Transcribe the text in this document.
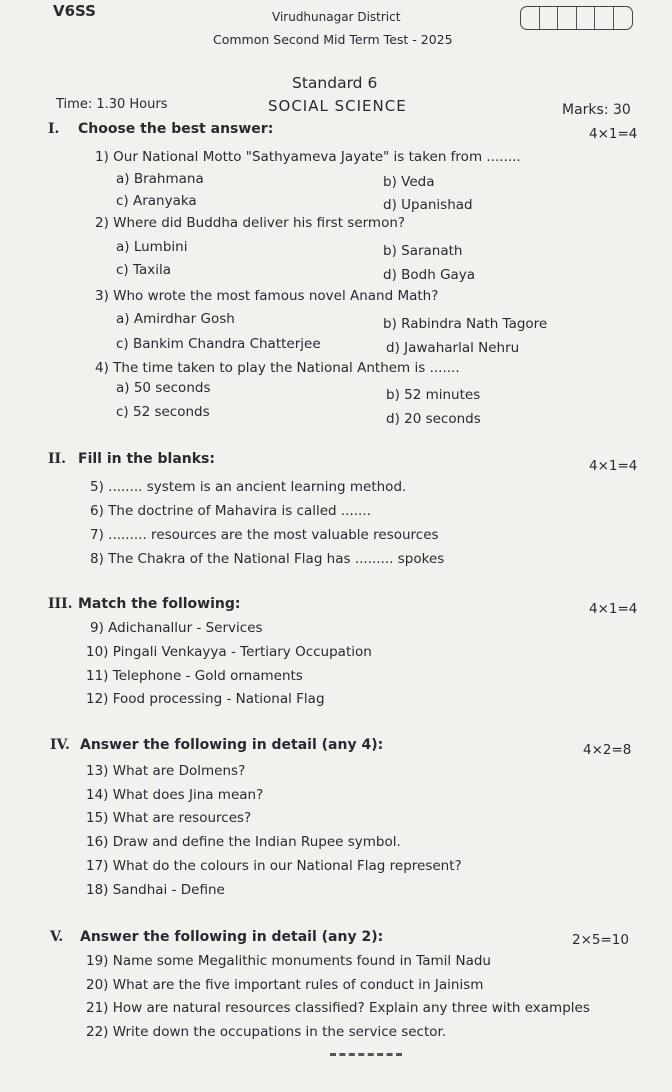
V6SS	Virudhunagar District
Common Second Mid Term Test - 2025
Standard 6
Time: 1.30 Hours	SOCIAL SCIENCE	Marks: 30
I. Choose the best answer:	4×1=4
1) Our National Motto "Sathyameva Jayate" is taken from ........
a) Brahmana	b) Veda
c) Aranyaka	d) Upanishad
2) Where did Buddha deliver his first sermon?
a) Lumbini	b) Saranath
c) Taxila	d) Bodh Gaya
3) Who wrote the most famous novel Anand Math?
a) Amirdhar Gosh	b) Rabindra Nath Tagore
c) Bankim Chandra Chatterjee	d) Jawaharlal Nehru
4) The time taken to play the National Anthem is .......
a) 50 seconds	b) 52 minutes
c) 52 seconds	d) 20 seconds
II. Fill in the blanks:	4×1=4
5) ........ system is an ancient learning method.
6) The doctrine of Mahavira is called .......
7) ......... resources are the most valuable resources
8) The Chakra of the National Flag has ......... spokes
III. Match the following:	4×1=4
9) Adichanallur - Services
10) Pingali Venkayya - Tertiary Occupation
11) Telephone - Gold ornaments
12) Food processing - National Flag
IV. Answer the following in detail (any 4):	4×2=8
13) What are Dolmens?
14) What does Jina mean?
15) What are resources?
16) Draw and define the Indian Rupee symbol.
17) What do the colours in our National Flag represent?
18) Sandhai - Define
V. Answer the following in detail (any 2):	2×5=10
19) Name some Megalithic monuments found in Tamil Nadu
20) What are the five important rules of conduct in Jainism
21) How are natural resources classified? Explain any three with examples
22) Write down the occupations in the service sector.
